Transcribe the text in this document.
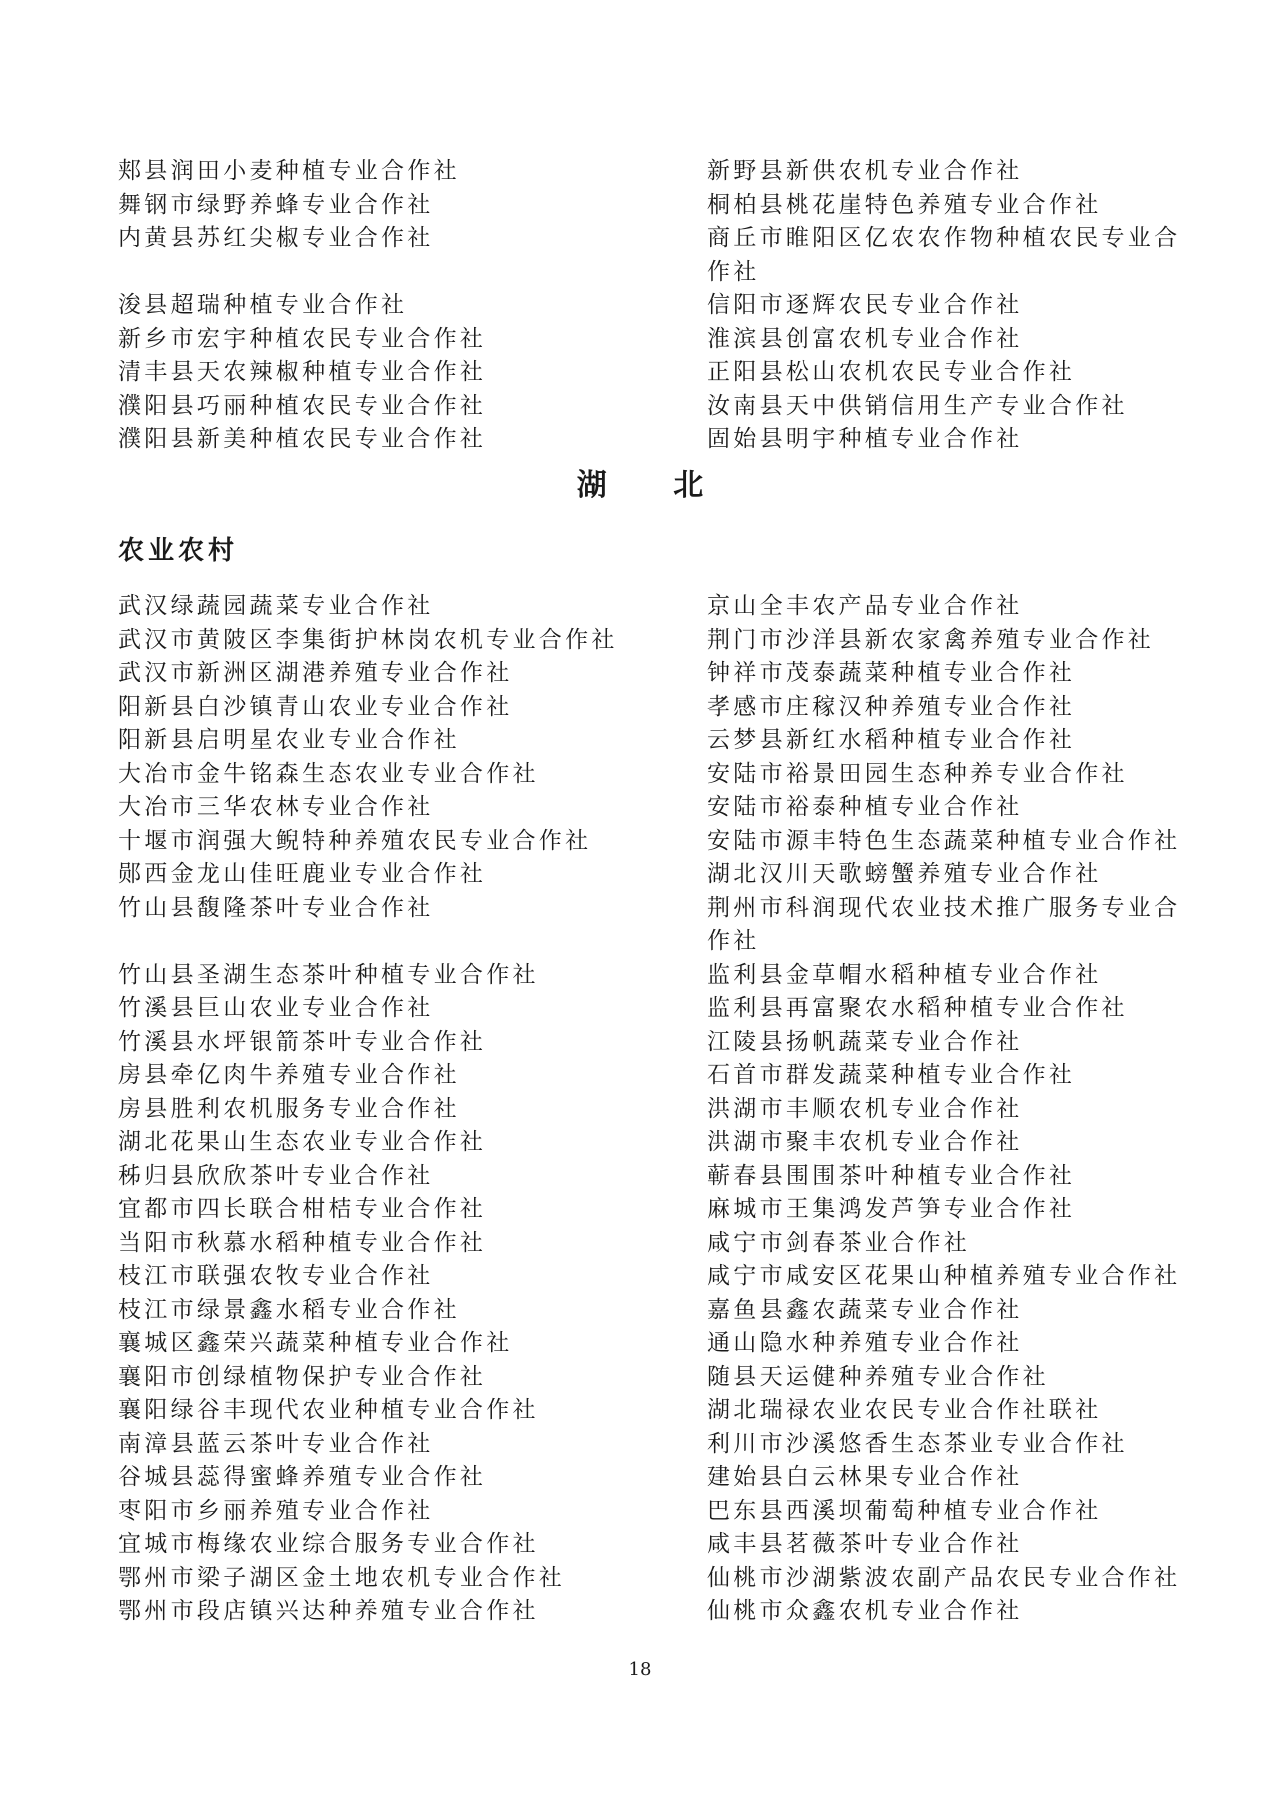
郏县润田小麦种植专业合作社
舞钢市绿野养蜂专业合作社
内黄县苏红尖椒专业合作社
浚县超瑞种植专业合作社
新乡市宏宇种植农民专业合作社
清丰县天农辣椒种植专业合作社
濮阳县巧丽种植农民专业合作社
濮阳县新美种植农民专业合作社
新野县新供农机专业合作社
桐柏县桃花崖特色养殖专业合作社
商丘市睢阳区亿农农作物种植农民专业合作社
信阳市逐辉农民专业合作社
淮滨县创富农机专业合作社
正阳县松山农机农民专业合作社
汝南县天中供销信用生产专业合作社
固始县明宇种植专业合作社
湖 北
农业农村
武汉绿蔬园蔬菜专业合作社
武汉市黄陂区李集街护林岗农机专业合作社
武汉市新洲区湖港养殖专业合作社
阳新县白沙镇青山农业专业合作社
阳新县启明星农业专业合作社
大冶市金牛铭森生态农业专业合作社
大冶市三华农林专业合作社
十堰市润强大鲵特种养殖农民专业合作社
郧西金龙山佳旺鹿业专业合作社
竹山县馥隆茶叶专业合作社
竹山县圣湖生态茶叶种植专业合作社
竹溪县巨山农业专业合作社
竹溪县水坪银箭茶叶专业合作社
房县牵亿肉牛养殖专业合作社
房县胜利农机服务专业合作社
湖北花果山生态农业专业合作社
秭归县欣欣茶叶专业合作社
宜都市四长联合柑桔专业合作社
当阳市秋慕水稻种植专业合作社
枝江市联强农牧专业合作社
枝江市绿景鑫水稻专业合作社
襄城区鑫荣兴蔬菜种植专业合作社
襄阳市创绿植物保护专业合作社
襄阳绿谷丰现代农业种植专业合作社
南漳县蓝云茶叶专业合作社
谷城县蕊得蜜蜂养殖专业合作社
枣阳市乡丽养殖专业合作社
宜城市梅缘农业综合服务专业合作社
鄂州市梁子湖区金土地农机专业合作社
鄂州市段店镇兴达种养殖专业合作社
京山全丰农产品专业合作社
荆门市沙洋县新农家禽养殖专业合作社
钟祥市茂泰蔬菜种植专业合作社
孝感市庄稼汉种养殖专业合作社
云梦县新红水稻种植专业合作社
安陆市裕景田园生态种养专业合作社
安陆市裕泰种植专业合作社
安陆市源丰特色生态蔬菜种植专业合作社
湖北汉川天歌螃蟹养殖专业合作社
荆州市科润现代农业技术推广服务专业合作社
监利县金草帽水稻种植专业合作社
监利县再富聚农水稻种植专业合作社
江陵县扬帆蔬菜专业合作社
石首市群发蔬菜种植专业合作社
洪湖市丰顺农机专业合作社
洪湖市聚丰农机专业合作社
蕲春县围围茶叶种植专业合作社
麻城市王集鸿发芦笋专业合作社
咸宁市剑春茶业合作社
咸宁市咸安区花果山种植养殖专业合作社
嘉鱼县鑫农蔬菜专业合作社
通山隐水种养殖专业合作社
随县天运健种养殖专业合作社
湖北瑞禄农业农民专业合作社联社
利川市沙溪悠香生态茶业专业合作社
建始县白云林果专业合作社
巴东县西溪坝葡萄种植专业合作社
咸丰县茗薇茶叶专业合作社
仙桃市沙湖紫波农副产品农民专业合作社
仙桃市众鑫农机专业合作社
18
